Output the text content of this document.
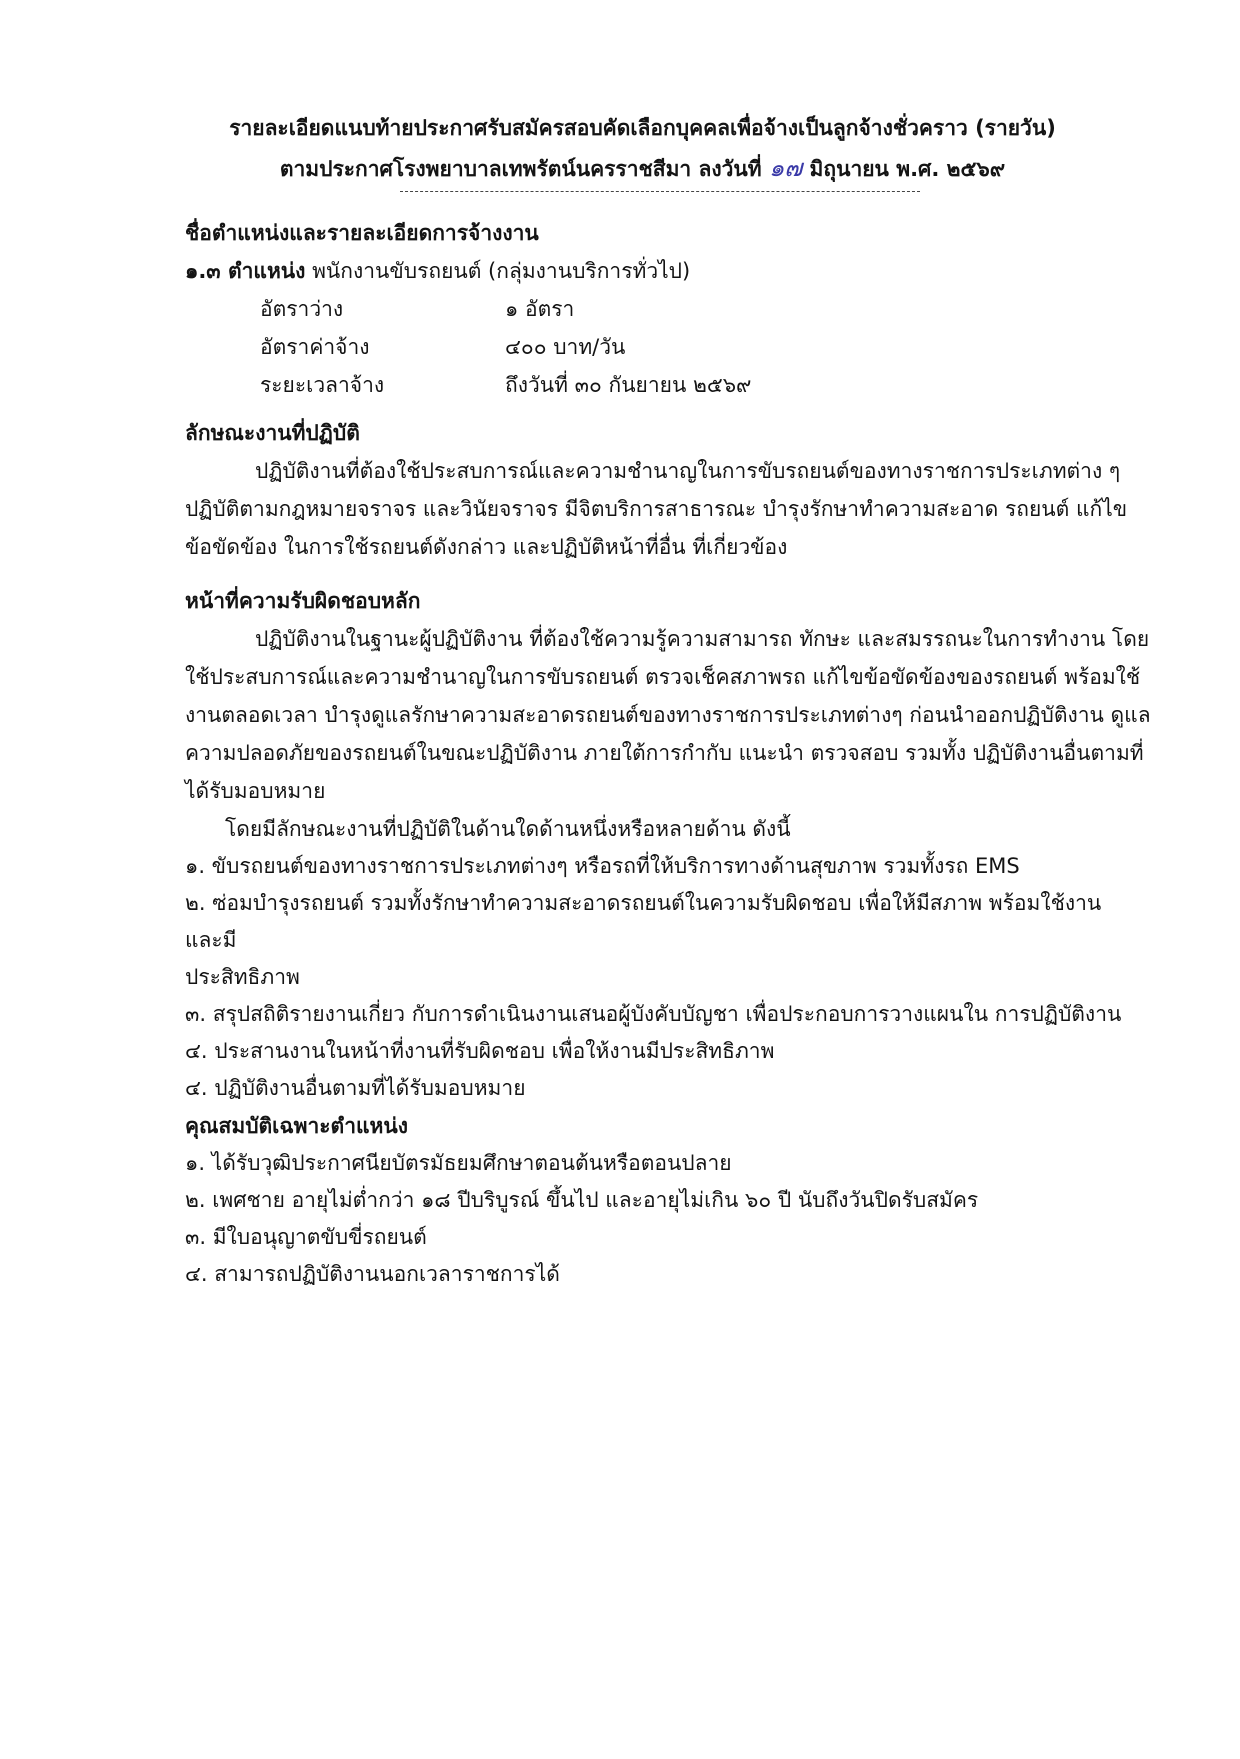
รายละเอียดแนบท้ายประกาศรับสมัครสอบคัดเลือกบุคคลเพื่อจ้างเป็นลูกจ้างชั่วคราว (รายวัน)
ตามประกาศโรงพยาบาลเทพรัตน์นครราชสีมา ลงวันที่ ๑๗ มิถุนายน พ.ศ. ๒๕๖๙

ชื่อตำแหน่งและรายละเอียดการจ้างงาน

๑.๓ ตำแหน่ง พนักงานขับรถยนต์ (กลุ่มงานบริการทั่วไป)

อัตราว่าง	๑ อัตรา
อัตราค่าจ้าง	๔๐๐ บาท/วัน
ระยะเวลาจ้าง	ถึงวันที่ ๓๐ กันยายน ๒๕๖๙

ลักษณะงานที่ปฏิบัติ

ปฏิบัติงานที่ต้องใช้ประสบการณ์และความชำนาญในการขับรถยนต์ของทางราชการประเภทต่าง ๆ

ปฏิบัติตามกฎหมายจราจร และวินัยจราจร มีจิตบริการสาธารณะ บำรุงรักษาทำความสะอาด รถยนต์ แก้ไข

ข้อขัดข้อง ในการใช้รถยนต์ดังกล่าว และปฏิบัติหน้าที่อื่น ที่เกี่ยวข้อง

หน้าที่ความรับผิดชอบหลัก

ปฏิบัติงานในฐานะผู้ปฏิบัติงาน ที่ต้องใช้ความรู้ความสามารถ ทักษะ และสมรรถนะในการทำงาน โดย

ใช้ประสบการณ์และความชำนาญในการขับรถยนต์ ตรวจเช็คสภาพรถ แก้ไขข้อขัดข้องของรถยนต์ พร้อมใช้

งานตลอดเวลา บำรุงดูแลรักษาความสะอาดรถยนต์ของทางราชการประเภทต่างๆ ก่อนนำออกปฏิบัติงาน ดูแล

ความปลอดภัยของรถยนต์ในขณะปฏิบัติงาน ภายใต้การกำกับ แนะนำ ตรวจสอบ รวมทั้ง ปฏิบัติงานอื่นตามที่

ได้รับมอบหมาย

โดยมีลักษณะงานที่ปฏิบัติในด้านใดด้านหนึ่งหรือหลายด้าน ดังนี้

๑. ขับรถยนต์ของทางราชการประเภทต่างๆ หรือรถที่ให้บริการทางด้านสุขภาพ รวมทั้งรถ EMS
๒. ซ่อมบำรุงรถยนต์ รวมทั้งรักษาทำความสะอาดรถยนต์ในความรับผิดชอบ เพื่อให้มีสภาพ พร้อมใช้งานและมี
ประสิทธิภาพ
๓. สรุปสถิติรายงานเกี่ยว กับการดำเนินงานเสนอผู้บังคับบัญชา เพื่อประกอบการวางแผนใน การปฏิบัติงาน
๔. ประสานงานในหน้าที่งานที่รับผิดชอบ เพื่อให้งานมีประสิทธิภาพ
๔. ปฏิบัติงานอื่นตามที่ได้รับมอบหมาย

คุณสมบัติเฉพาะตำแหน่ง

๑. ได้รับวุฒิประกาศนียบัตรมัธยมศึกษาตอนต้นหรือตอนปลาย
๒. เพศชาย อายุไม่ต่ำกว่า ๑๘ ปีบริบูรณ์ ขึ้นไป และอายุไม่เกิน ๖๐ ปี นับถึงวันปิดรับสมัคร
๓. มีใบอนุญาตขับขี่รถยนต์
๔. สามารถปฏิบัติงานนอกเวลาราชการได้
